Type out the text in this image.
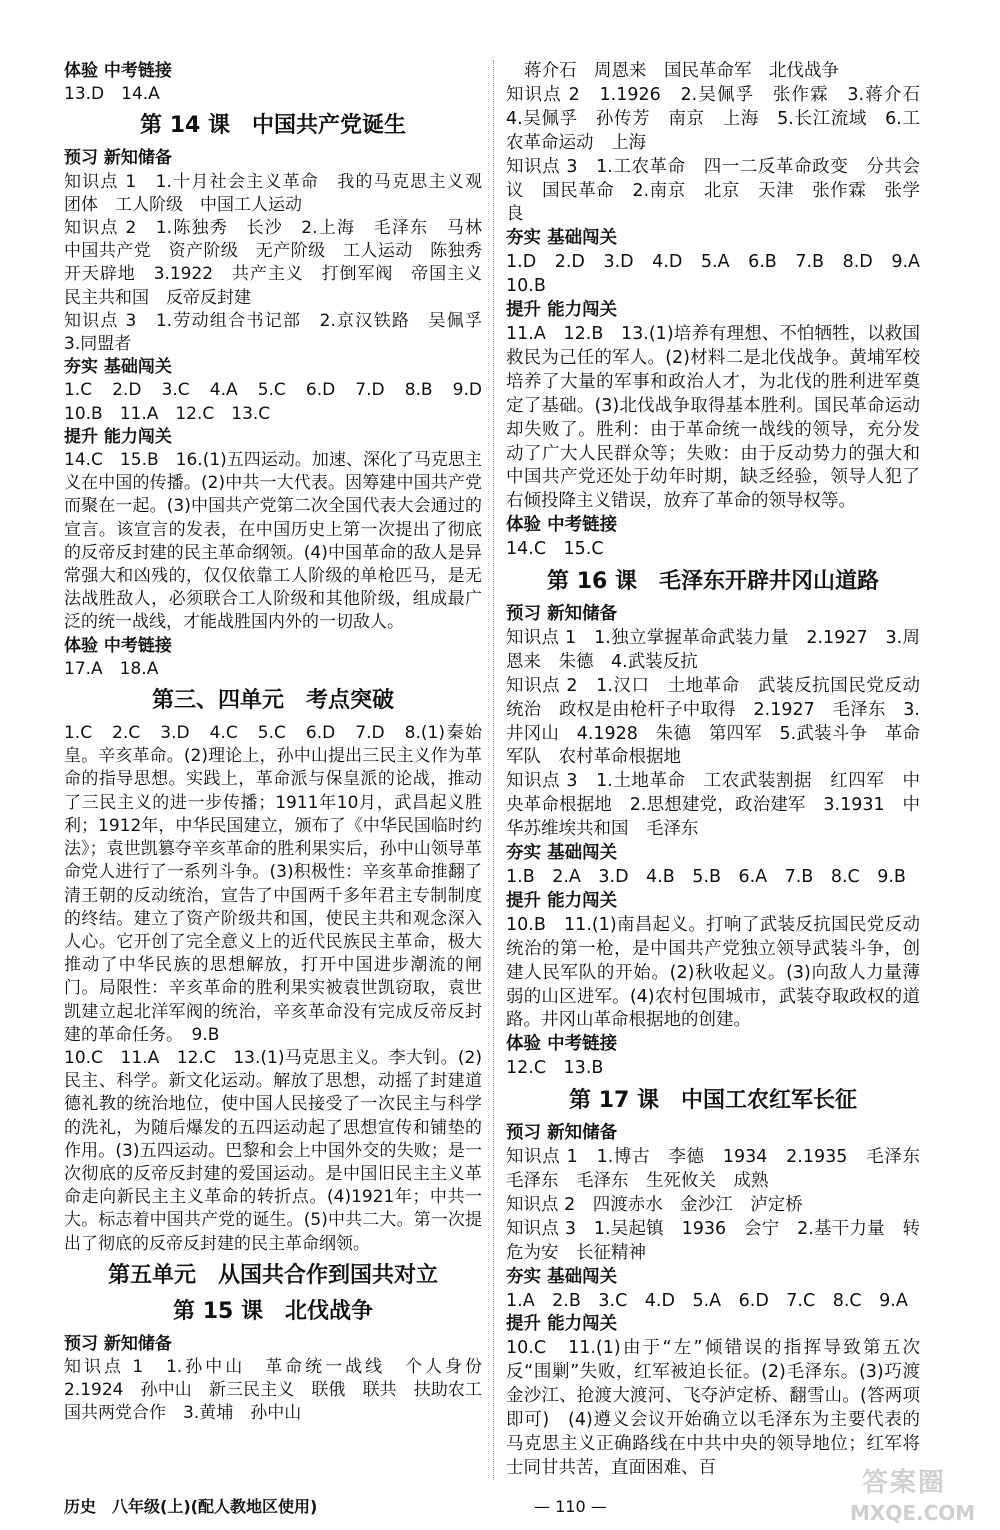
体验 中考链接
13.D　14.A
第 14 课　中国共产党诞生
预习 新知储备
知识点 1　1.十月社会主义革命　我的马克思主义观　团体　工人阶级　中国工人运动
知识点 2　1.陈独秀　长沙　2.上海　毛泽东　马林　中国共产党　资产阶级　无产阶级　工人运动　陈独秀　开天辟地　3.1922　共产主义　打倒军阀　帝国主义　民主共和国　反帝反封建
知识点 3　1.劳动组合书记部　2.京汉铁路　吴佩孚　3.同盟者
夯实 基础闯关
1.C　2.D　3.C　4.A　5.C　6.D　7.D　8.B　9.D　10.B　11.A　12.C　13.C
提升 能力闯关
14.C　15.B　16.(1)五四运动。加速、深化了马克思主义在中国的传播。(2)中共一大代表。因筹建中国共产党而聚在一起。(3)中国共产党第二次全国代表大会通过的宣言。该宣言的发表，在中国历史上第一次提出了彻底的反帝反封建的民主革命纲领。(4)中国革命的敌人是异常强大和凶残的，仅仅依靠工人阶级的单枪匹马，是无法战胜敌人，必须联合工人阶级和其他阶级，组成最广泛的统一战线，才能战胜国内外的一切敌人。
体验 中考链接
17.A　18.A
第三、四单元　考点突破
1.C　2.C　3.D　4.C　5.C　6.D　7.D　8.(1)秦始皇。辛亥革命。(2)理论上，孙中山提出三民主义作为革命的指导思想。实践上，革命派与保皇派的论战，推动了三民主义的进一步传播；1911年10月，武昌起义胜利；1912年，中华民国建立，颁布了《中华民国临时约法》；袁世凯篡夺辛亥革命的胜利果实后，孙中山领导革命党人进行了一系列斗争。(3)积极性：辛亥革命推翻了清王朝的反动统治，宣告了中国两千多年君主专制制度的终结。建立了资产阶级共和国，使民主共和观念深入人心。它开创了完全意义上的近代民族民主革命，极大推动了中华民族的思想解放，打开中国进步潮流的闸门。局限性：辛亥革命的胜利果实被袁世凯窃取，袁世凯建立起北洋军阀的统治，辛亥革命没有完成反帝反封建的革命任务。　9.B
10.C　11.A　12.C　13.(1)马克思主义。李大钊。(2)民主、科学。新文化运动。解放了思想，动摇了封建道德礼教的统治地位，使中国人民接受了一次民主与科学的洗礼，为随后爆发的五四运动起了思想宣传和铺垫的作用。(3)五四运动。巴黎和会上中国外交的失败；是一次彻底的反帝反封建的爱国运动。是中国旧民主主义革命走向新民主主义革命的转折点。(4)1921年；中共一大。标志着中国共产党的诞生。(5)中共二大。第一次提出了彻底的反帝反封建的民主革命纲领。
第五单元　从国共合作到国共对立
第 15 课　北伐战争
预习 新知储备
知识点 1　1.孙中山　革命统一战线　个人身份　2.1924　孙中山　新三民主义　联俄　联共　扶助农工　国共两党合作　3.黄埔　孙中山
蒋介石　周恩来　国民革命军　北伐战争
知识点 2　1.1926　2.吴佩孚　张作霖　3.蒋介石　4.吴佩孚　孙传芳　南京　上海　5.长江流域　6.工农革命运动　上海
知识点 3　1.工农革命　四一二反革命政变　分共会议　国民革命　2.南京　北京　天津　张作霖　张学良
夯实 基础闯关
1.D　2.D　3.D　4.D　5.A　6.B　7.B　8.D　9.A　10.B
提升 能力闯关
11.A　12.B　13.(1)培养有理想、不怕牺牲，以救国救民为己任的军人。(2)材料二是北伐战争。黄埔军校培养了大量的军事和政治人才，为北伐的胜利进军奠定了基础。(3)北伐战争取得基本胜利。国民革命运动却失败了。胜利：由于革命统一战线的领导，充分发动了广大人民群众等；失败：由于反动势力的强大和中国共产党还处于幼年时期，缺乏经验，领导人犯了右倾投降主义错误，放弃了革命的领导权等。
体验 中考链接
14.C　15.C
第 16 课　毛泽东开辟井冈山道路
预习 新知储备
知识点 1　1.独立掌握革命武装力量　2.1927　3.周恩来　朱德　4.武装反抗
知识点 2　1.汉口　土地革命　武装反抗国民党反动统治　政权是由枪杆子中取得　2.1927　毛泽东　3.井冈山　4.1928　朱德　第四军　5.武装斗争　革命军队　农村革命根据地
知识点 3　1.土地革命　工农武装割据　红四军　中央革命根据地　2.思想建党，政治建军　3.1931　中华苏维埃共和国　毛泽东
夯实 基础闯关
1.B　2.A　3.D　4.B　5.B　6.A　7.B　8.C　9.B
提升 能力闯关
10.B　11.(1)南昌起义。打响了武装反抗国民党反动统治的第一枪，是中国共产党独立领导武装斗争，创建人民军队的开始。(2)秋收起义。(3)向敌人力量薄弱的山区进军。(4)农村包围城市，武装夺取政权的道路。井冈山革命根据地的创建。
体验 中考链接
12.C　13.B
第 17 课　中国工农红军长征
预习 新知储备
知识点 1　1.博古　李德　1934　2.1935　毛泽东　毛泽东　毛泽东　生死攸关　成熟
知识点 2　四渡赤水　金沙江　泸定桥
知识点 3　1.吴起镇　1936　会宁　2.基干力量　转危为安　长征精神
夯实 基础闯关
1.A　2.B　3.C　4.D　5.A　6.D　7.C　8.C　9.A
提升 能力闯关
10.C　11.(1)由于“左”倾错误的指挥导致第五次反“围剿”失败，红军被迫长征。(2)毛泽东。(3)巧渡金沙江、抢渡大渡河、飞夺泸定桥、翻雪山。(答两项即可)　(4)遵义会议开始确立以毛泽东为主要代表的马克思主义正确路线在中共中央的领导地位；红军将士同甘共苦，直面困难、百
历史　八年级(上)(配人教地区使用)	— 110 —
答案圈
MXQE.COM
